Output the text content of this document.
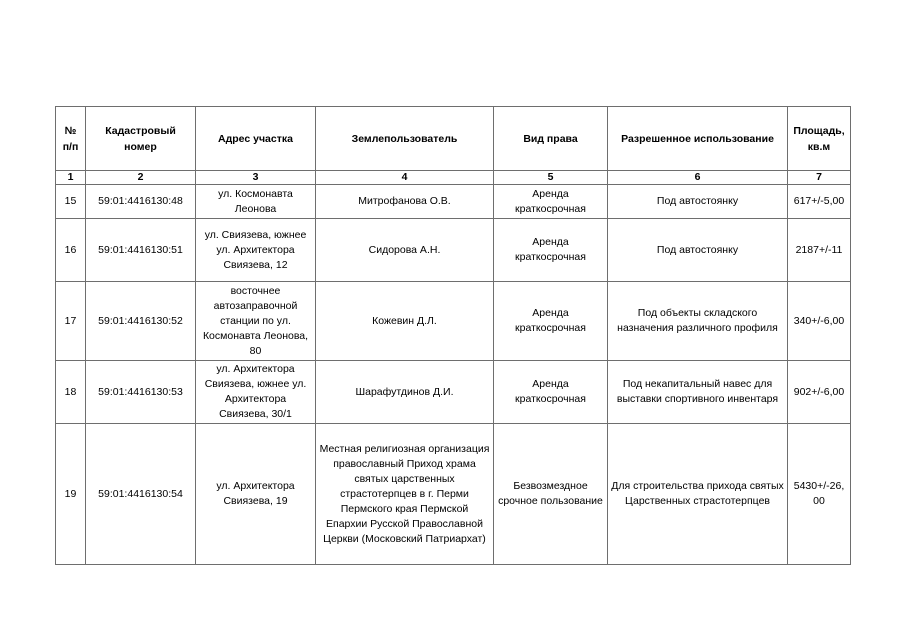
№ п/п	Кадастровый номер	Адрес участка	Землепользователь	Вид права	Разрешенное использование	Площадь, кв.м
1	2	3	4	5	6	7
15	59:01:4416130:48	ул. Космонавта Леонова	Митрофанова О.В.	Аренда краткосрочная	Под автостоянку	617+/-5,00
16	59:01:4416130:51	ул. Свиязева, южнее ул. Архитектора Свиязева, 12	Сидорова А.Н.	Аренда краткосрочная	Под автостоянку	2187+/-11
17	59:01:4416130:52	восточнее автозаправочной станции по ул. Космонавта Леонова, 80	Кожевин Д.Л.	Аренда краткосрочная	Под объекты складского назначения различного профиля	340+/-6,00
18	59:01:4416130:53	ул. Архитектора Свиязева, южнее ул. Архитектора Свиязева, 30/1	Шарафутдинов Д.И.	Аренда краткосрочная	Под некапитальный навес для выставки спортивного инвентаря	902+/-6,00
19	59:01:4416130:54	ул. Архитектора Свиязева, 19	Местная религиозная организация православный Приход храма святых царственных страстотерпцев в г. Перми Пермского края Пермской Епархии Русской Православной Церкви (Московский Патриархат)	Безвозмездное срочное пользование	Для строительства прихода святых Царственных страстотерпцев	5430+/-26,00
